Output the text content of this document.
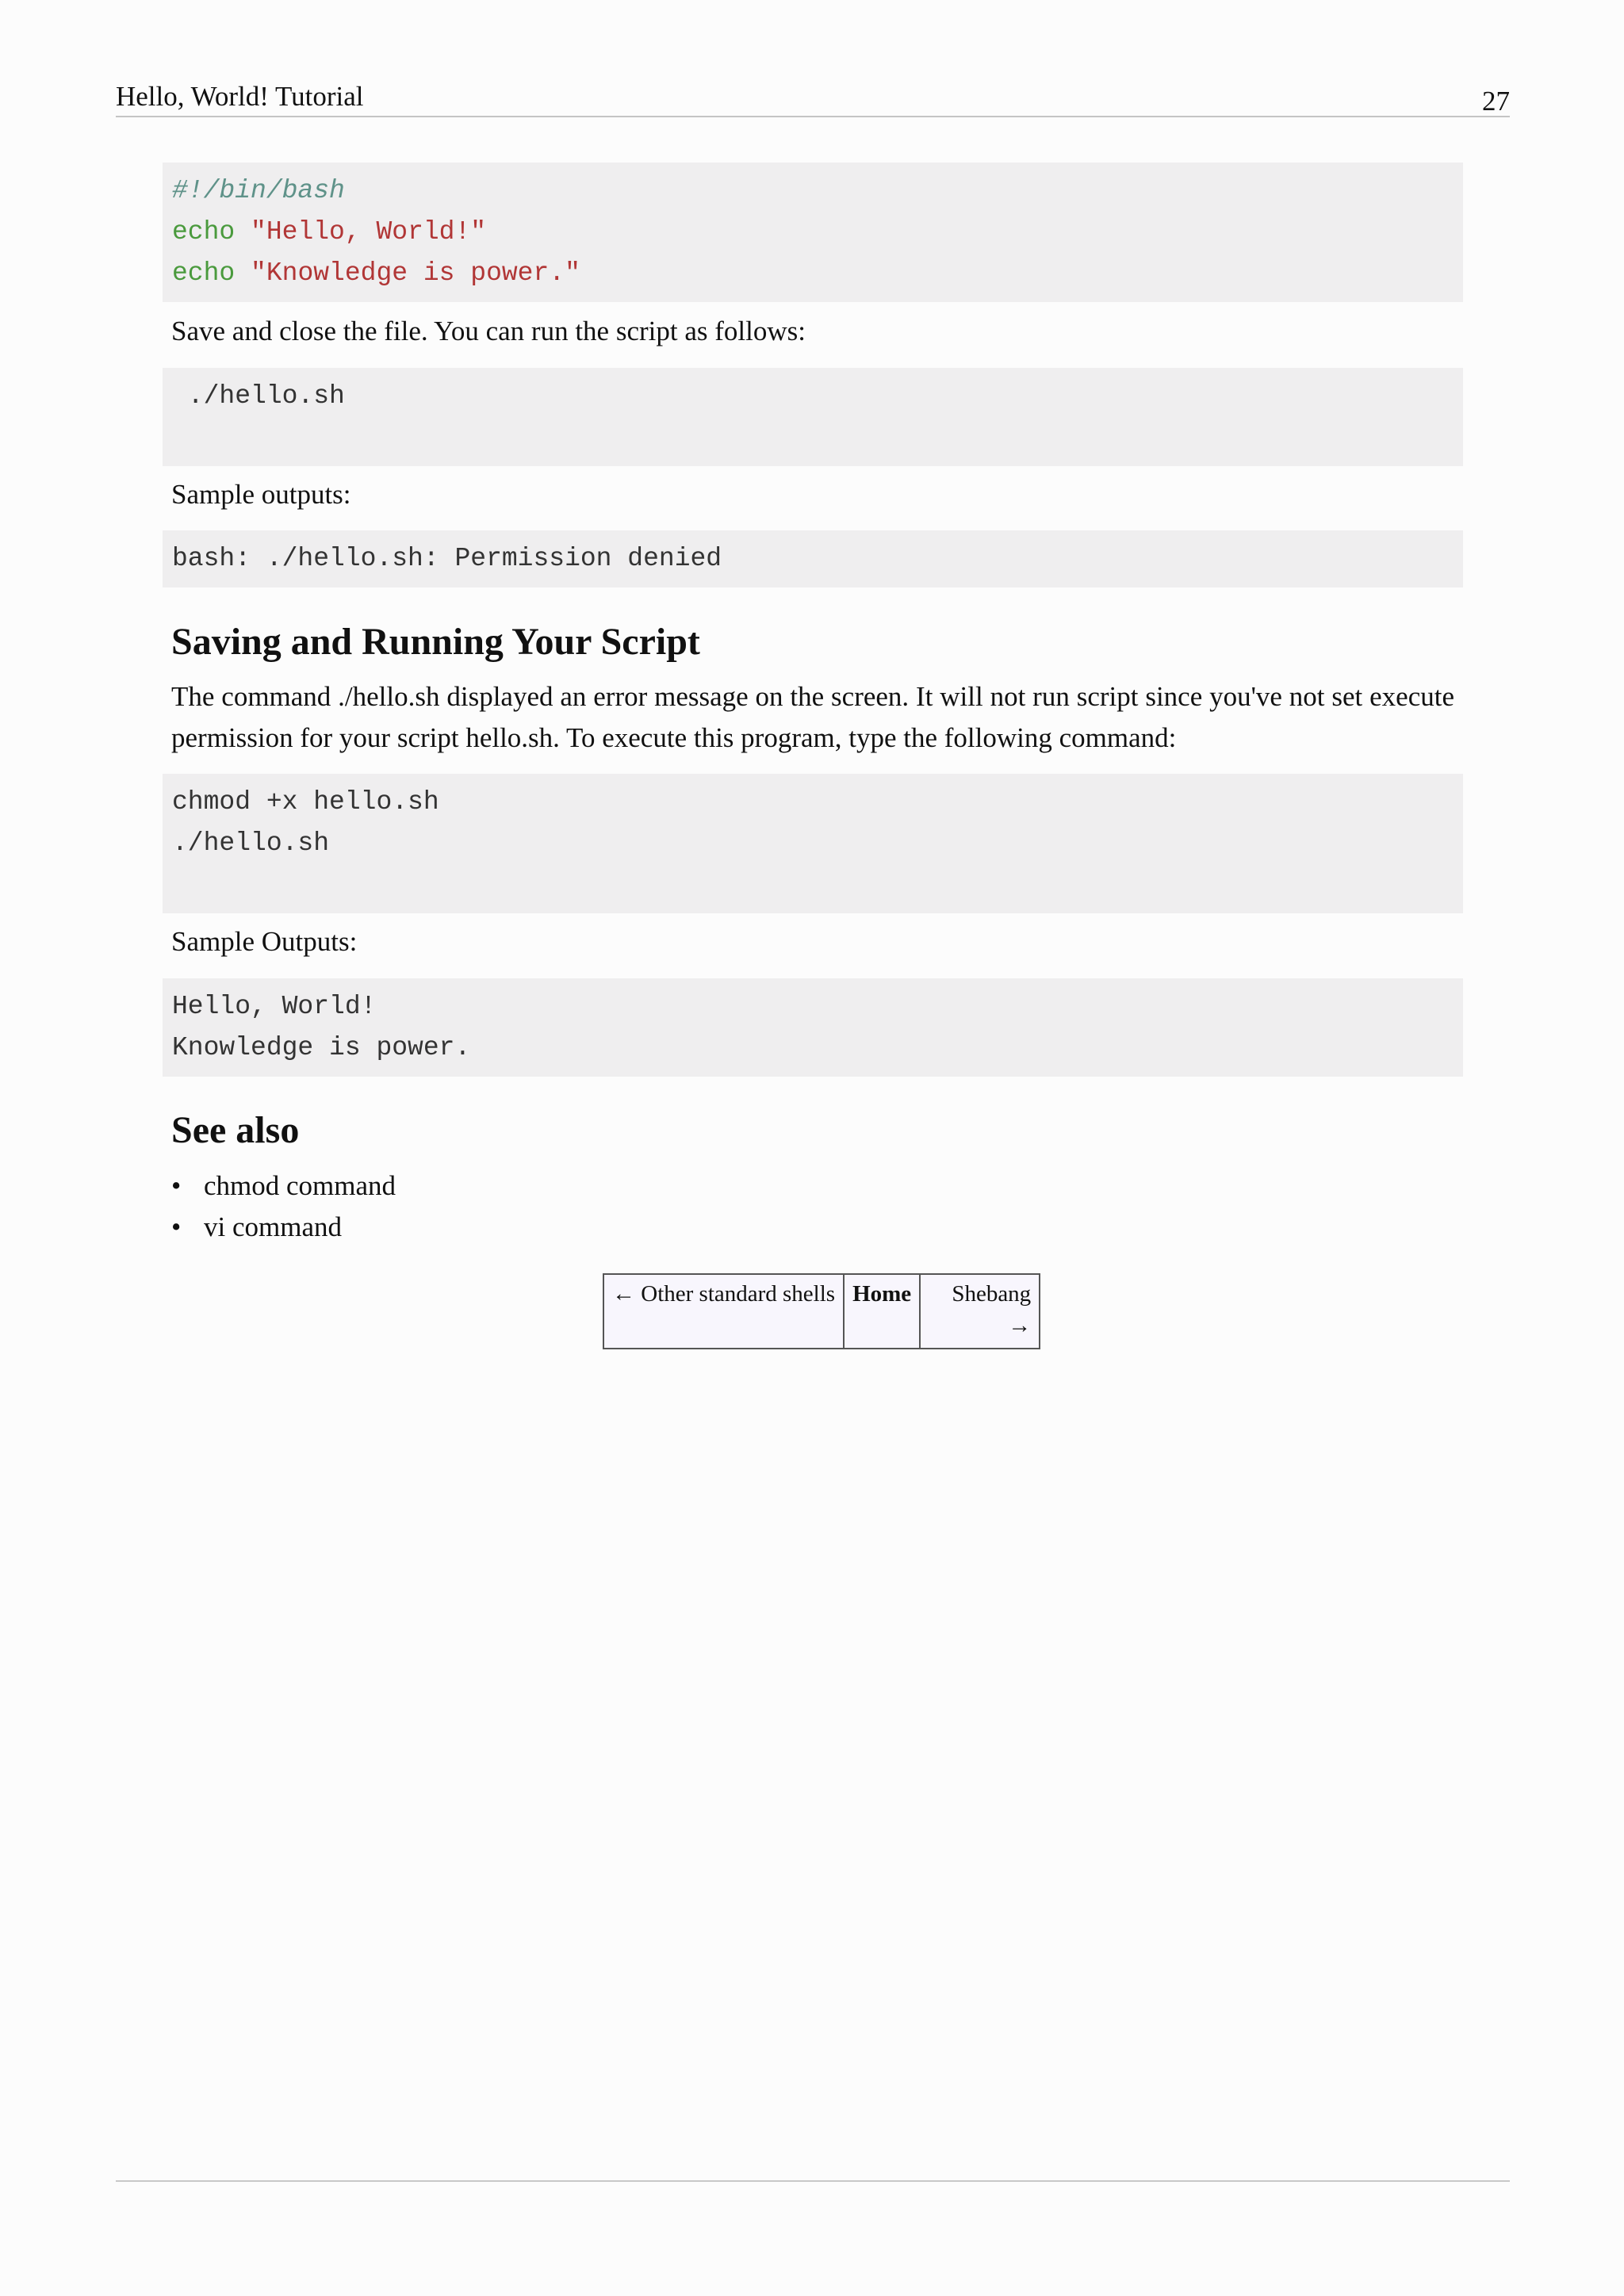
Hello, World! Tutorial	27
#!/bin/bash
echo "Hello, World!"
echo "Knowledge is power."

Save and close the file. You can run the script as follows:

./hello.sh

Sample outputs:

bash: ./hello.sh: Permission denied
Saving and Running Your Script

The command ./hello.sh displayed an error message on the screen. It will not run script since you've not set execute permission for your script hello.sh. To execute this program, type the following command:

chmod +x hello.sh
./hello.sh

Sample Outputs:

Hello, World!
Knowledge is power.
See also
• chmod command
• vi command
← Other standard shells	Home	Shebang
→
